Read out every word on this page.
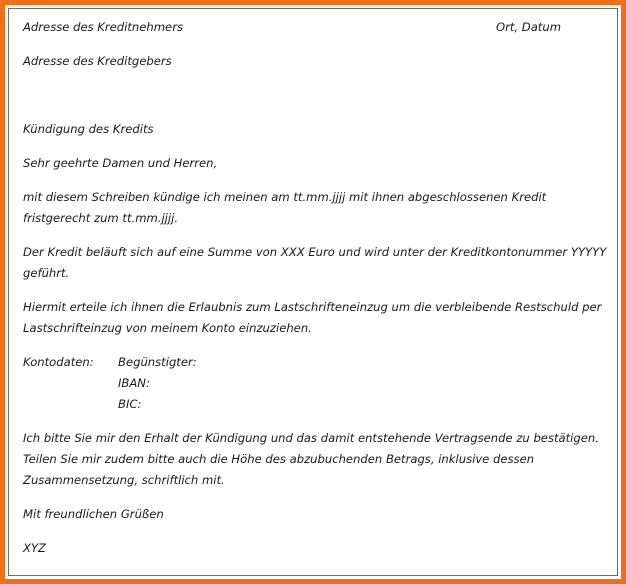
Adresse des Kreditnehmers	Ort, Datum

Adresse des Kreditgebers

Kündigung des Kredits

Sehr geehrte Damen und Herren,

mit diesem Schreiben kündige ich meinen am tt.mm.jjjj mit ihnen abgeschlossenen Kredit

fristgerecht zum tt.mm.jjjj.

Der Kredit beläuft sich auf eine Summe von XXX Euro und wird unter der Kreditkontonummer YYYYY

geführt.

Hiermit erteile ich ihnen die Erlaubnis zum Lastschrifteneinzug um die verbleibende Restschuld per

Lastschrifteinzug von meinem Konto einzuziehen.

Kontodaten:	Begünstigter:
IBAN:
BIC:

Ich bitte Sie mir den Erhalt der Kündigung und das damit entstehende Vertragsende zu bestätigen.

Teilen Sie mir zudem bitte auch die Höhe des abzubuchenden Betrags, inklusive dessen

Zusammensetzung, schriftlich mit.

Mit freundlichen Grüßen

XYZ
